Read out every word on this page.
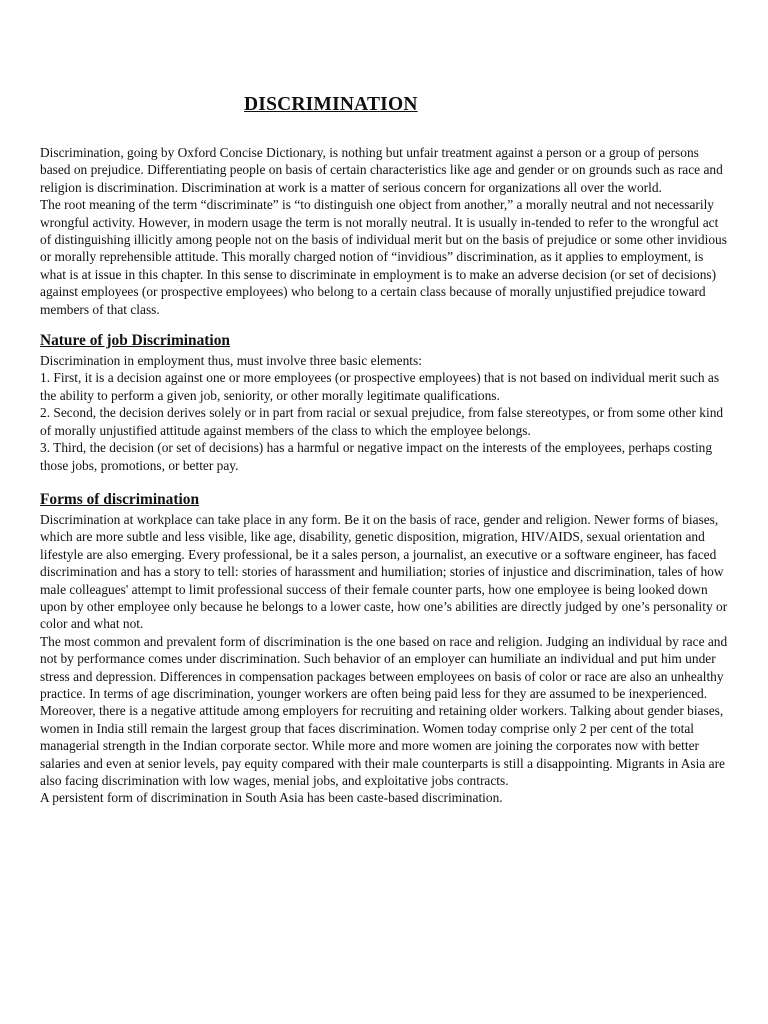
DISCRIMINATION

Discrimination, going by Oxford Concise Dictionary, is nothing but unfair treatment against a person or a group of persons based on prejudice. Differentiating people on basis of certain characteristics like age and gender or on grounds such as race and religion is discrimination. Discrimination at work is a matter of serious concern for organizations all over the world.

The root meaning of the term “discriminate” is “to distinguish one object from another,” a morally neutral and not necessarily wrongful activity. However, in modern usage the term is not morally neutral. It is usually in-tended to refer to the wrongful act of distinguishing illicitly among people not on the basis of individual merit but on the basis of prejudice or some other invidious or morally reprehensible attitude. This morally charged notion of “invidious” discrimination, as it applies to employment, is what is at issue in this chapter. In this sense to discriminate in employment is to make an adverse decision (or set of decisions) against employees (or prospective employees) who belong to a certain class because of morally unjustified prejudice toward members of that class.

Nature of job Discrimination

Discrimination in employment thus, must involve three basic elements:

1. First, it is a decision against one or more employees (or prospective employees) that is not based on individual merit such as the ability to perform a given job, seniority, or other morally legitimate qualifications.

2. Second, the decision derives solely or in part from racial or sexual prejudice, from false stereotypes, or from some other kind of morally unjustified attitude against members of the class to which the employee belongs.

3. Third, the decision (or set of decisions) has a harmful or negative impact on the interests of the employees, perhaps costing those jobs, promotions, or better pay.

Forms of discrimination

Discrimination at workplace can take place in any form. Be it on the basis of race, gender and religion. Newer forms of biases, which are more subtle and less visible, like age, disability, genetic disposition, migration, HIV/AIDS, sexual orientation and lifestyle are also emerging. Every professional, be it a sales person, a journalist, an executive or a software engineer, has faced discrimination and has a story to tell: stories of harassment and humiliation; stories of injustice and discrimination, tales of how male colleagues' attempt to limit professional success of their female counter parts, how one employee is being looked down upon by other employee only because he belongs to a lower caste, how one’s abilities are directly judged by one’s personality or color and what not.

The most common and prevalent form of discrimination is the one based on race and religion. Judging an individual by race and not by performance comes under discrimination. Such behavior of an employer can humiliate an individual and put him under stress and depression. Differences in compensation packages between employees on basis of color or race are also an unhealthy practice. In terms of age discrimination, younger workers are often being paid less for they are assumed to be inexperienced. Moreover, there is a negative attitude among employers for recruiting and retaining older workers. Talking about gender biases, women in India still remain the largest group that faces discrimination. Women today comprise only 2 per cent of the total managerial strength in the Indian corporate sector. While more and more women are joining the corporates now with better salaries and even at senior levels, pay equity compared with their male counterparts is still a disappointing. Migrants in Asia are also facing discrimination with low wages, menial jobs, and exploitative jobs contracts.

A persistent form of discrimination in South Asia has been caste-based discrimination.
